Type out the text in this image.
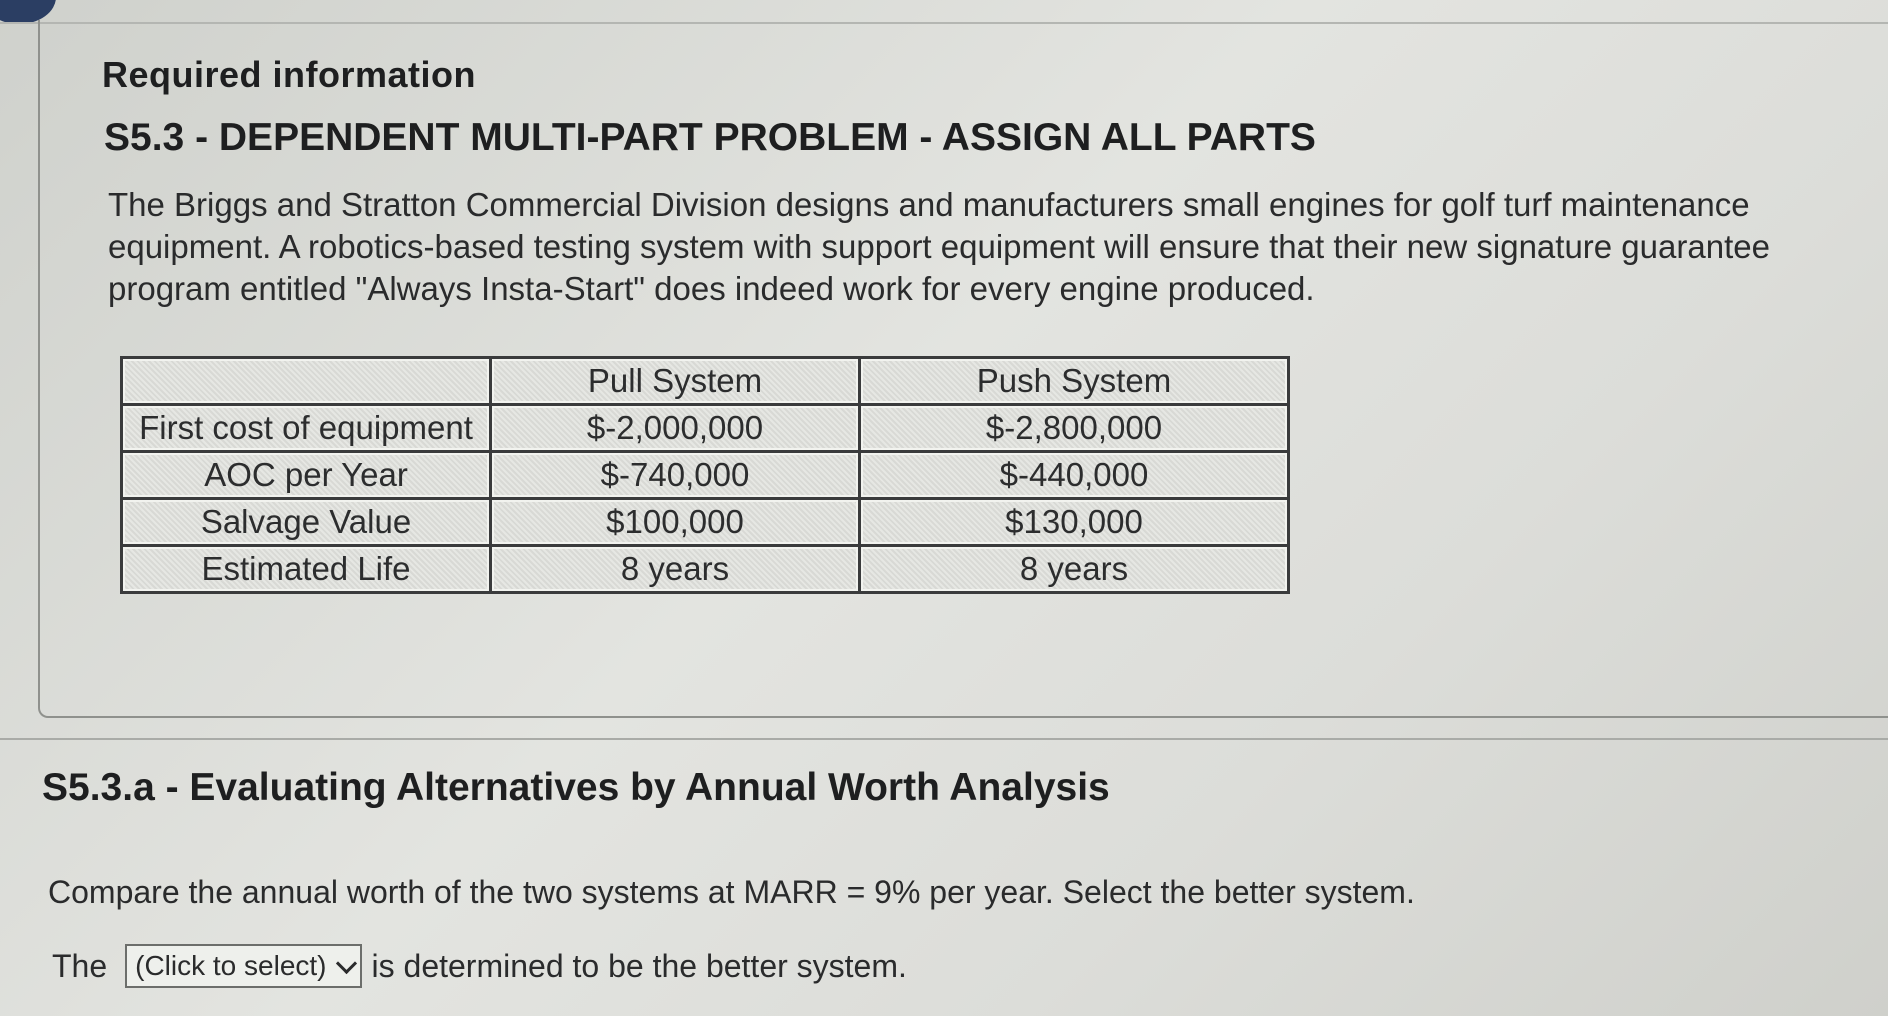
Required information
S5.3 - DEPENDENT MULTI-PART PROBLEM - ASSIGN ALL PARTS

The Briggs and Stratton Commercial Division designs and manufacturers small engines for golf turf maintenance equipment. A robotics-based testing system with support equipment will ensure that their new signature guarantee program entitled "Always Insta-Start" does indeed work for every engine produced.

	Pull System	Push System
First cost of equipment	$-2,000,000	$-2,800,000
AOC per Year	$-740,000	$-440,000
Salvage Value	$100,000	$130,000
Estimated Life	8 years	8 years
S5.3.a - Evaluating Alternatives by Annual Worth Analysis

Compare the annual worth of the two systems at MARR = 9% per year. Select the better system.

The (Click to select) is determined to be the better system.
